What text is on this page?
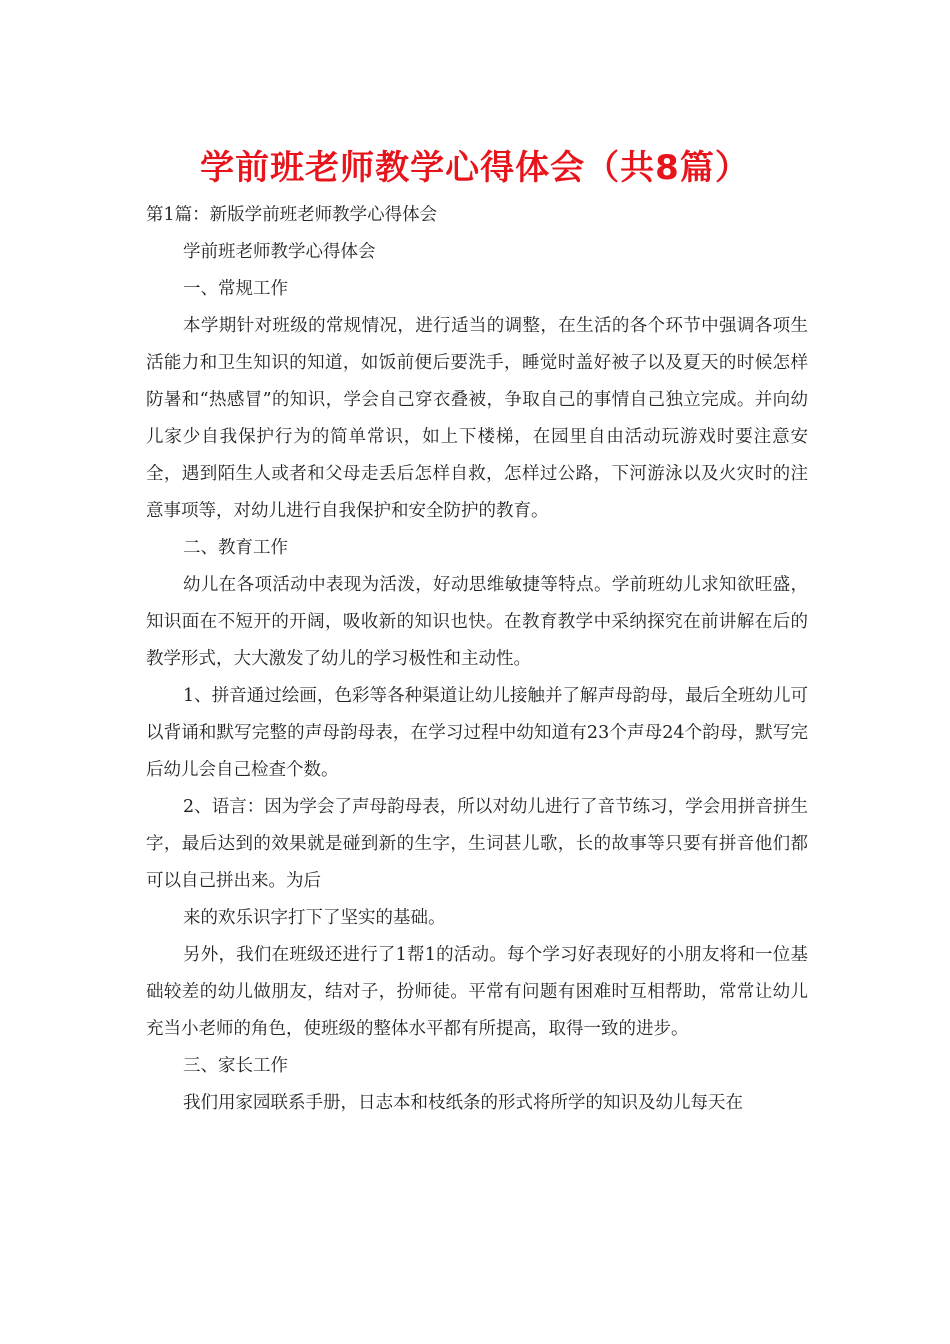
学前班老师教学心得体会（共8篇）

第1篇：新版学前班老师教学心得体会

学前班老师教学心得体会

一、常规工作

本学期针对班级的常规情况，进行适当的调整，在生活的各个环节中强调各项生活能力和卫生知识的知道，如饭前便后要洗手，睡觉时盖好被子以及夏天的时候怎样防暑和“热感冒”的知识，学会自己穿衣叠被，争取自己的事情自己独立完成。并向幼儿家少自我保护行为的简单常识，如上下楼梯，在园里自由活动玩游戏时要注意安全，遇到陌生人或者和父母走丢后怎样自救，怎样过公路，下河游泳以及火灾时的注意事项等，对幼儿进行自我保护和安全防护的教育。

二、教育工作

幼儿在各项活动中表现为活泼，好动思维敏捷等特点。学前班幼儿求知欲旺盛，知识面在不短开的开阔，吸收新的知识也快。在教育教学中采纳探究在前讲解在后的教学形式，大大激发了幼儿的学习极性和主动性。

1、拼音通过绘画，色彩等各种渠道让幼儿接触并了解声母韵母，最后全班幼儿可以背诵和默写完整的声母韵母表，在学习过程中幼知道有23个声母24个韵母，默写完后幼儿会自己检查个数。

2、语言：因为学会了声母韵母表，所以对幼儿进行了音节练习，学会用拼音拼生字，最后达到的效果就是碰到新的生字，生词甚儿歌，长的故事等只要有拼音他们都可以自己拼出来。为后

来的欢乐识字打下了坚实的基础。

另外，我们在班级还进行了1帮1的活动。每个学习好表现好的小朋友将和一位基础较差的幼儿做朋友，结对子，扮师徒。平常有问题有困难时互相帮助，常常让幼儿充当小老师的角色，使班级的整体水平都有所提高，取得一致的进步。

三、家长工作

我们用家园联系手册，日志本和枝纸条的形式将所学的知识及幼儿每天在
